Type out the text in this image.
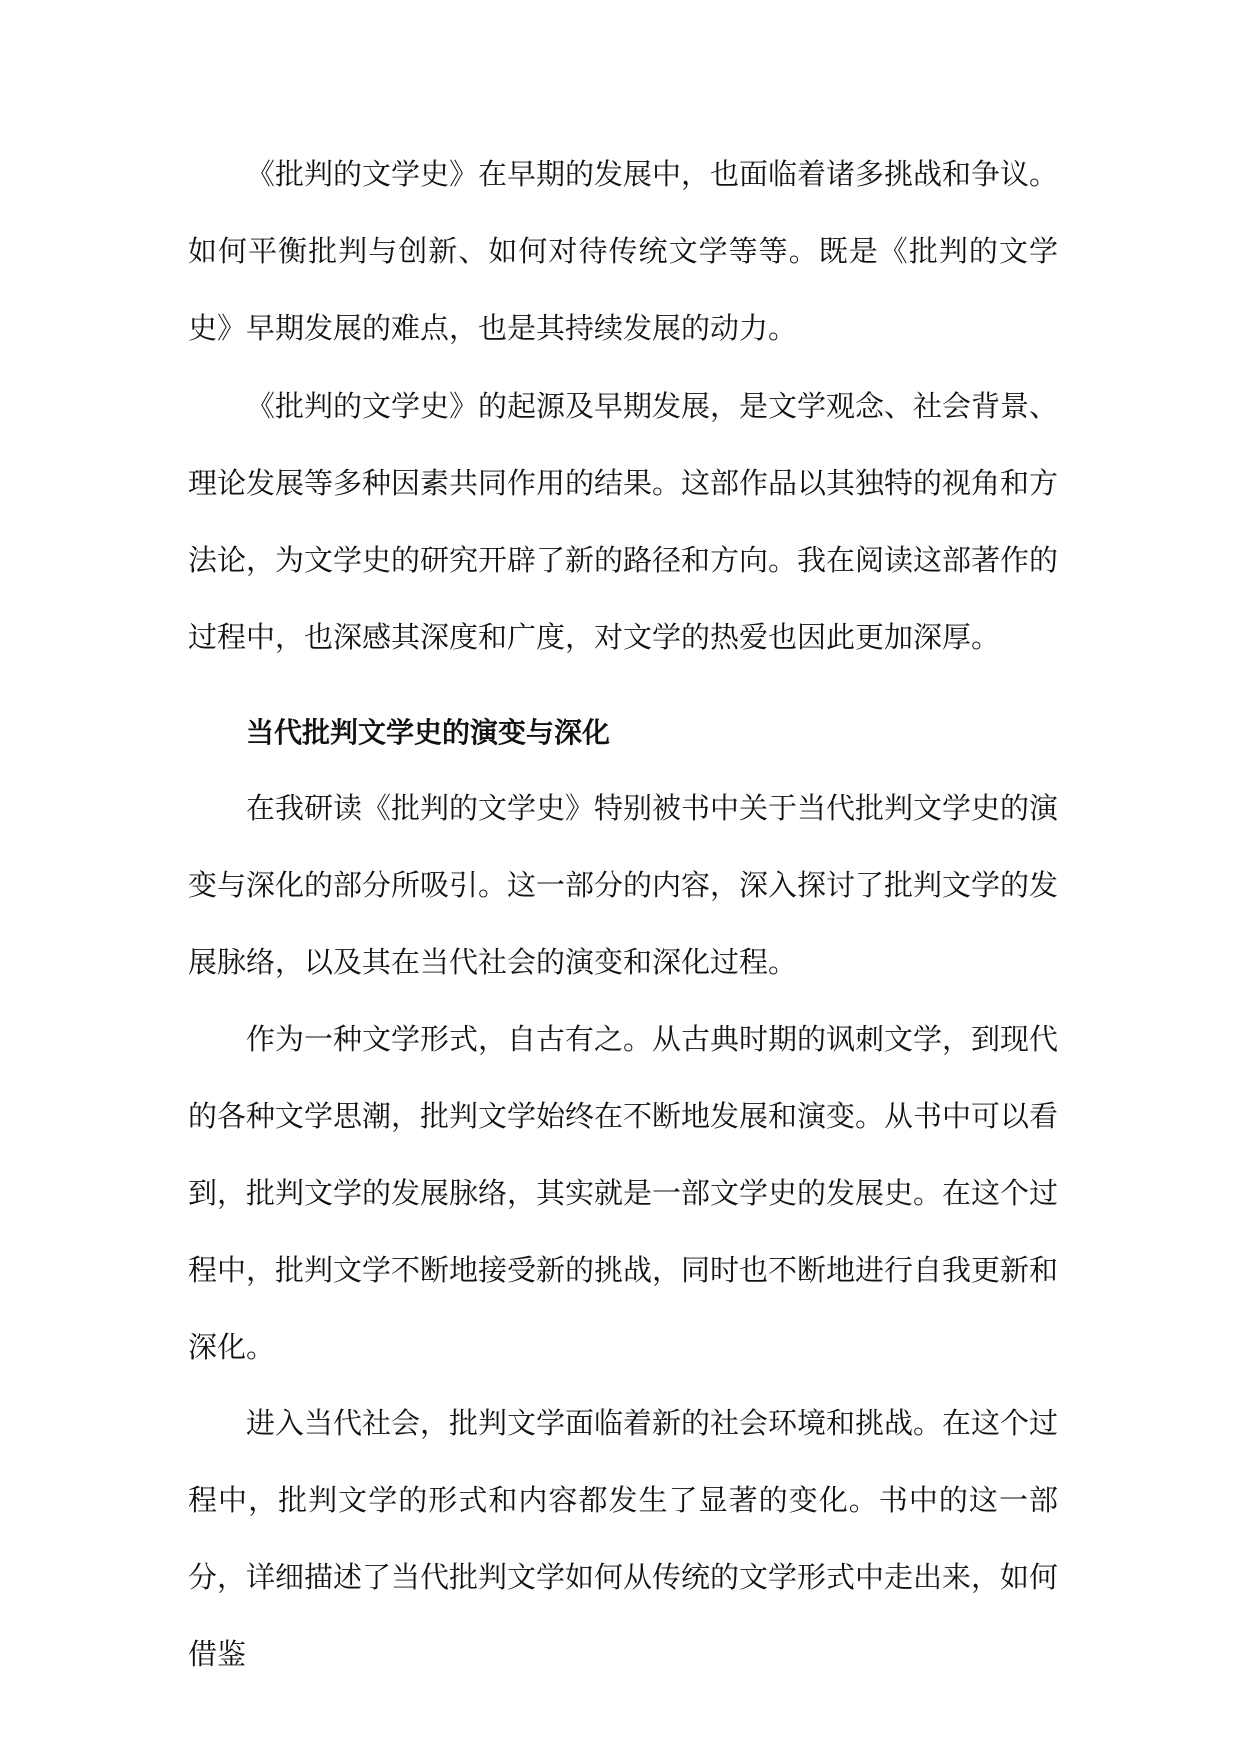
《批判的文学史》在早期的发展中，也面临着诸多挑战和争议。如何平衡批判与创新、如何对待传统文学等等。既是《批判的文学史》早期发展的难点，也是其持续发展的动力。

《批判的文学史》的起源及早期发展，是文学观念、社会背景、理论发展等多种因素共同作用的结果。这部作品以其独特的视角和方法论，为文学史的研究开辟了新的路径和方向。我在阅读这部著作的过程中，也深感其深度和广度，对文学的热爱也因此更加深厚。

当代批判文学史的演变与深化

在我研读《批判的文学史》特别被书中关于当代批判文学史的演变与深化的部分所吸引。这一部分的内容，深入探讨了批判文学的发展脉络，以及其在当代社会的演变和深化过程。

作为一种文学形式，自古有之。从古典时期的讽刺文学，到现代的各种文学思潮，批判文学始终在不断地发展和演变。从书中可以看到，批判文学的发展脉络，其实就是一部文学史的发展史。在这个过程中，批判文学不断地接受新的挑战，同时也不断地进行自我更新和深化。

进入当代社会，批判文学面临着新的社会环境和挑战。在这个过程中，批判文学的形式和内容都发生了显著的变化。书中的这一部分，详细描述了当代批判文学如何从传统的文学形式中走出来，如何借鉴
